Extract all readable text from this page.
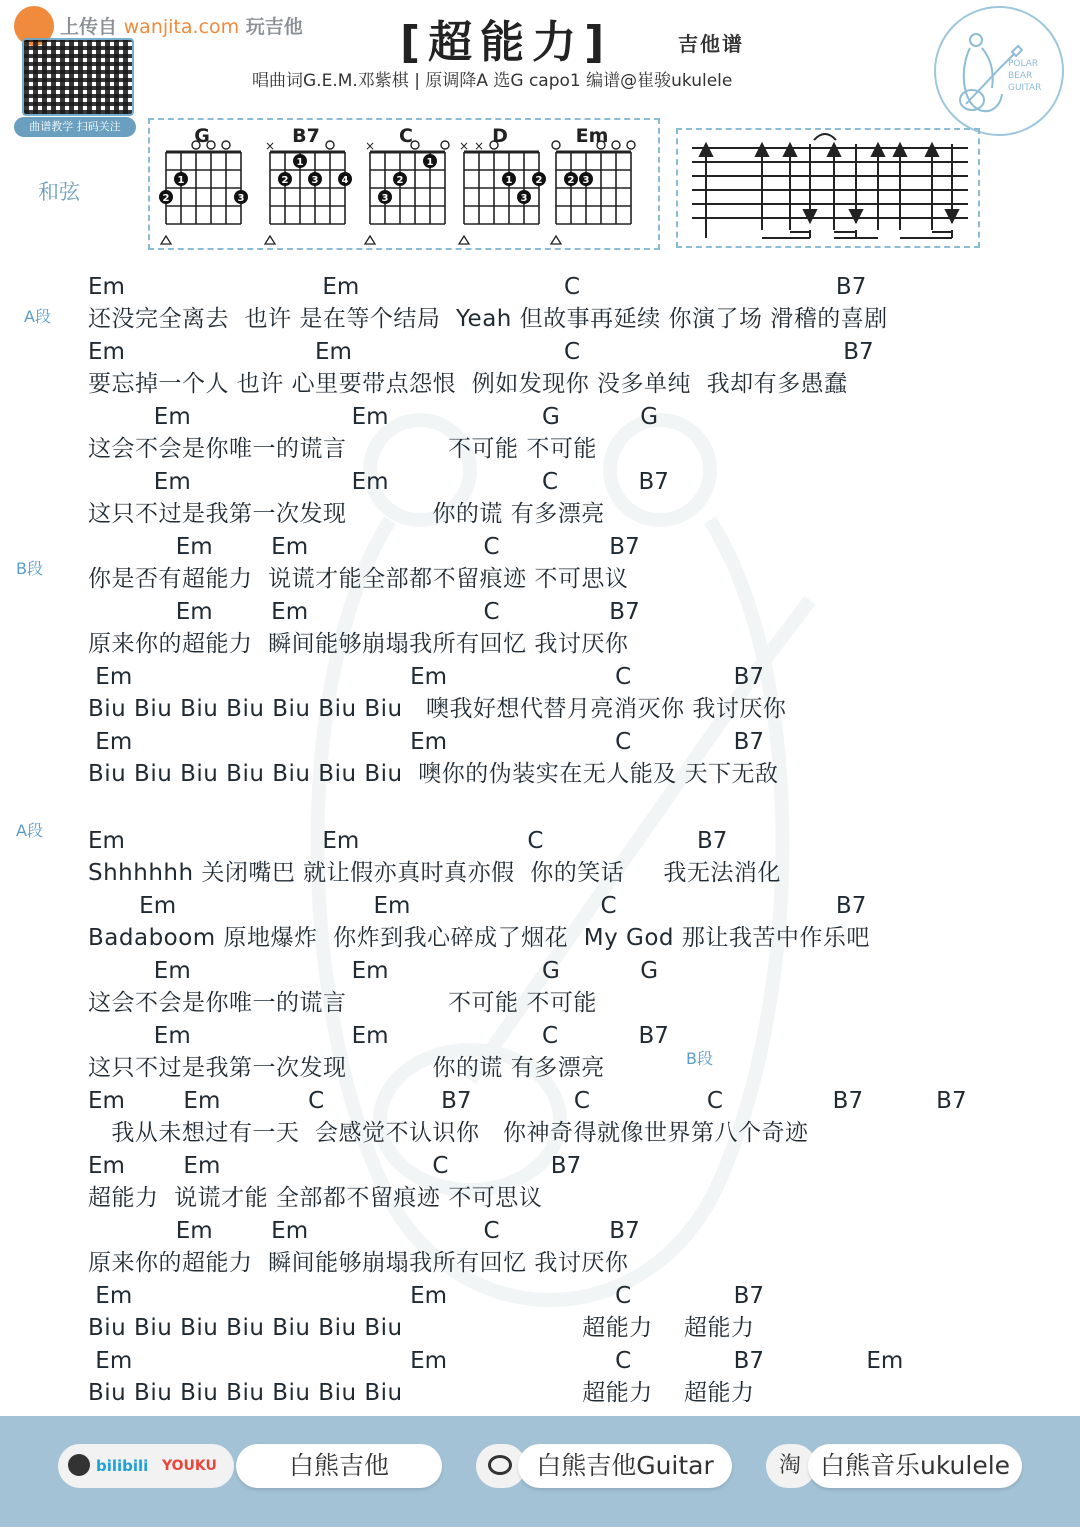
上传自 wanjita.com 玩吉他
曲谱教学 扫码关注
[超能力]	吉他谱
唱曲词G.E.M.邓紫棋 | 原调降A 选G capo1 编谱@崔骏ukulele
POLAR
BEAR
GUITAR
和弦
G
2
1
3
B7
×
2
1
3 4
C
×
3
2
1
D
× ×
1
3
2
Em
2 3
A段
B段
A段
B段
Em                           Em                            C                                   B7
还没完全离去  也许 是在等个结局  Yeah 但故事再延续 你演了场 滑稽的喜剧
Em                          Em                             C                                    B7
要忘掉一个人 也许 心里要带点怨恨  例如发现你 没多单纯  我却有多愚蠢
Em                      Em                     G           G
这会不会是你唯一的谎言             不可能 不可能
Em                      Em                     C           B7
这只不过是我第一次发现           你的谎 有多漂亮
Em        Em                        C               B7
你是否有超能力  说谎才能全部都不留痕迹 不可思议
Em        Em                        C               B7
原来你的超能力  瞬间能够崩塌我所有回忆 我讨厌你
Em                                      Em                       C              B7
Biu Biu Biu Biu Biu Biu Biu   噢我好想代替月亮消灭你 我讨厌你
Em                                      Em                       C              B7
Biu Biu Biu Biu Biu Biu Biu  噢你的伪装实在无人能及 天下无敌
Em                           Em                       C                     B7
Shhhhhh 关闭嘴巴 就让假亦真时真亦假  你的笑话     我无法消化
Em                           Em                          C                              B7
Badaboom 原地爆炸  你炸到我心碎成了烟花  My God 那让我苦中作乐吧
Em                      Em                     G           G
这会不会是你唯一的谎言             不可能 不可能
Em                      Em                     C           B7
这只不过是我第一次发现           你的谎 有多漂亮
Em        Em            C                B7              C                C               B7          B7
我从未想过有一天  会感觉不认识你   你神奇得就像世界第八个奇迹
Em        Em                             C              B7
超能力  说谎才能 全部都不留痕迹 不可思议
Em        Em                        C               B7
原来你的超能力  瞬间能够崩塌我所有回忆 我讨厌你
Em                                      Em                       C              B7
Biu Biu Biu Biu Biu Biu Biu                       超能力    超能力
Em                                      Em                       C              B7              Em
Biu Biu Biu Biu Biu Biu Biu                       超能力    超能力
bilibili YOUKU	白熊吉他	白熊吉他Guitar	淘 白熊音乐ukulele
